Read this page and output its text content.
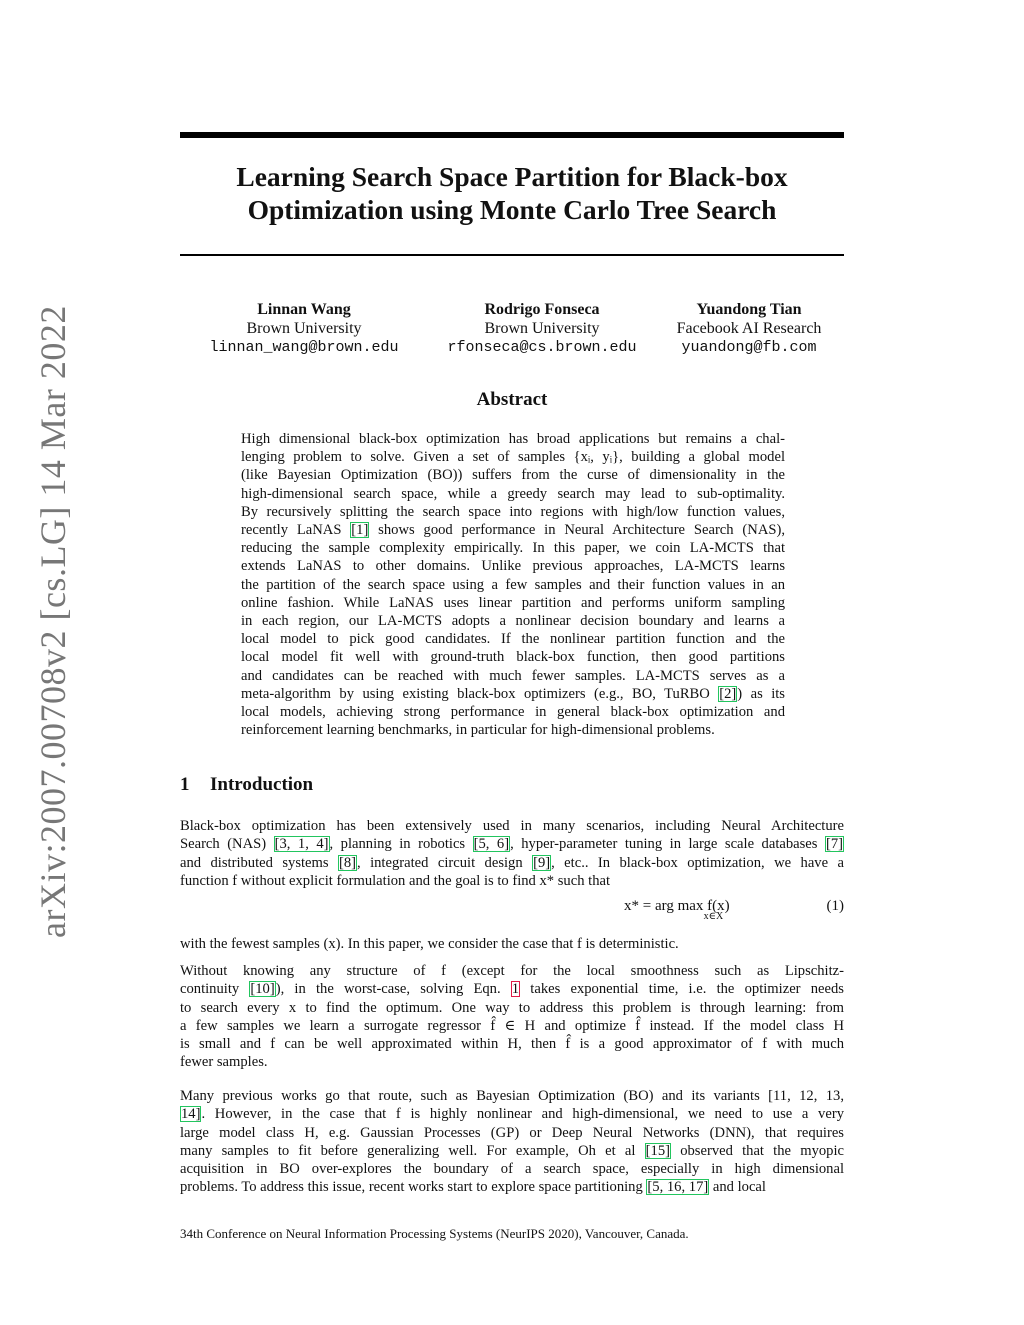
arXiv:2007.00708v2 [cs.LG] 14 Mar 2022
Learning Search Space Partition for Black-box
Optimization using Monte Carlo Tree Search
Linnan Wang
Brown University
linnan_wang@brown.edu
Rodrigo Fonseca
Brown University
rfonseca@cs.brown.edu
Yuandong Tian
Facebook AI Research
yuandong@fb.com
Abstract
High dimensional black-box optimization has broad applications but remains a chal-
lenging problem to solve. Given a set of samples {xᵢ, yᵢ}, building a global model
(like Bayesian Optimization (BO)) suffers from the curse of dimensionality in the
high-dimensional search space, while a greedy search may lead to sub-optimality.
By recursively splitting the search space into regions with high/low function values,
recently LaNAS [1] shows good performance in Neural Architecture Search (NAS),
reducing the sample complexity empirically. In this paper, we coin LA-MCTS that
extends LaNAS to other domains. Unlike previous approaches, LA-MCTS learns
the partition of the search space using a few samples and their function values in an
online fashion. While LaNAS uses linear partition and performs uniform sampling
in each region, our LA-MCTS adopts a nonlinear decision boundary and learns a
local model to pick good candidates. If the nonlinear partition function and the
local model fit well with ground-truth black-box function, then good partitions
and candidates can be reached with much fewer samples. LA-MCTS serves as a
meta-algorithm by using existing black-box optimizers (e.g., BO, TuRBO [2]) as its
local models, achieving strong performance in general black-box optimization and
reinforcement learning benchmarks, in particular for high-dimensional problems.
1 Introduction
Black-box optimization has been extensively used in many scenarios, including Neural Architecture
Search (NAS) [3, 1, 4], planning in robotics [5, 6], hyper-parameter tuning in large scale databases [7]
and distributed systems [8], integrated circuit design [9], etc.. In black-box optimization, we have a
function f without explicit formulation and the goal is to find x* such that
x* = arg $\max f(x)_{x\in X}$
(1)
with the fewest samples (x). In this paper, we consider the case that f is deterministic.
Without knowing any structure of f (except for the local smoothness such as Lipschitz-
continuity [10]), in the worst-case, solving Eqn. 1 takes exponential time, i.e. the optimizer needs
to search every x to find the optimum. One way to address this problem is through learning: from
a few samples we learn a surrogate regressor f̂ ∈ H and optimize f̂ instead. If the model class H
is small and f can be well approximated within H, then f̂ is a good approximator of f with much
fewer samples.
Many previous works go that route, such as Bayesian Optimization (BO) and its variants [11, 12, 13,
14]. However, in the case that f is highly nonlinear and high-dimensional, we need to use a very
large model class H, e.g. Gaussian Processes (GP) or Deep Neural Networks (DNN), that requires
many samples to fit before generalizing well. For example, Oh et al [15] observed that the myopic
acquisition in BO over-explores the boundary of a search space, especially in high dimensional
problems. To address this issue, recent works start to explore space partitioning [5, 16, 17] and local
34th Conference on Neural Information Processing Systems (NeurIPS 2020), Vancouver, Canada.
